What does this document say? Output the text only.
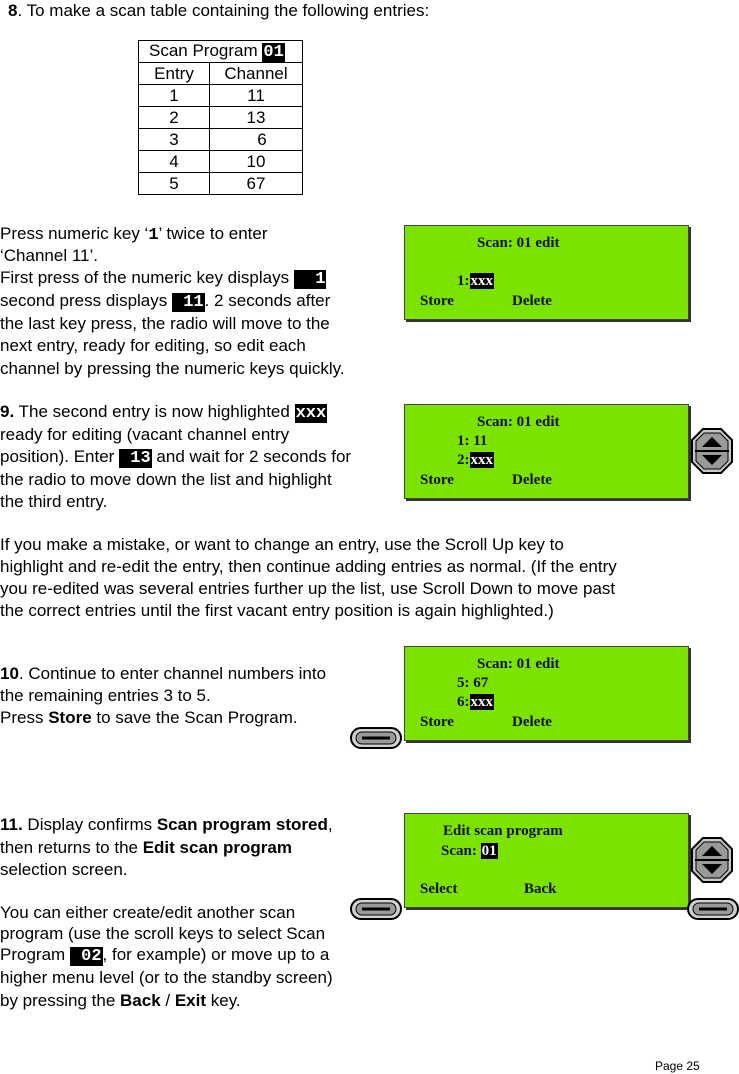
8. To make a scan table containing the following entries:
Scan Program 01	
Entry	Channel
1	11
2	13
3	6
4	10
5	67
Press numeric key ‘1’ twice to enter
‘Channel 11’.
First press of the numeric key displays   1
second press displays  11. 2 seconds after
the last key press, the radio will move to the
next entry, ready for editing, so edit each
channel by pressing the numeric keys quickly.
9. The second entry is now highlighted xxx
ready for editing (vacant channel entry
position). Enter  13 and wait for 2 seconds for
the radio to move down the list and highlight
the third entry.
If you make a mistake, or want to change an entry, use the Scroll Up key to
highlight and re-edit the entry, then continue adding entries as normal. (If the entry
you re-edited was several entries further up the list, use Scroll Down to move past
the correct entries until the first vacant entry position is again highlighted.)
10. Continue to enter channel numbers into
the remaining entries 3 to 5.
Press Store to save the Scan Program.
11. Display confirms Scan program stored,
then returns to the Edit scan program
selection screen.
You can either create/edit another scan
program (use the scroll keys to select Scan
Program  02, for example) or move up to a
higher menu level (or to the standby screen)
by pressing the Back / Exit key.
Scan: 01 edit
1:xxx
Store	Delete
Scan: 01 edit
1: 11
2:xxx
Store	Delete
Scan: 01 edit
5: 67
6:xxx
Store	Delete
Edit scan program
Scan: 01
Select	Back
Page 25
